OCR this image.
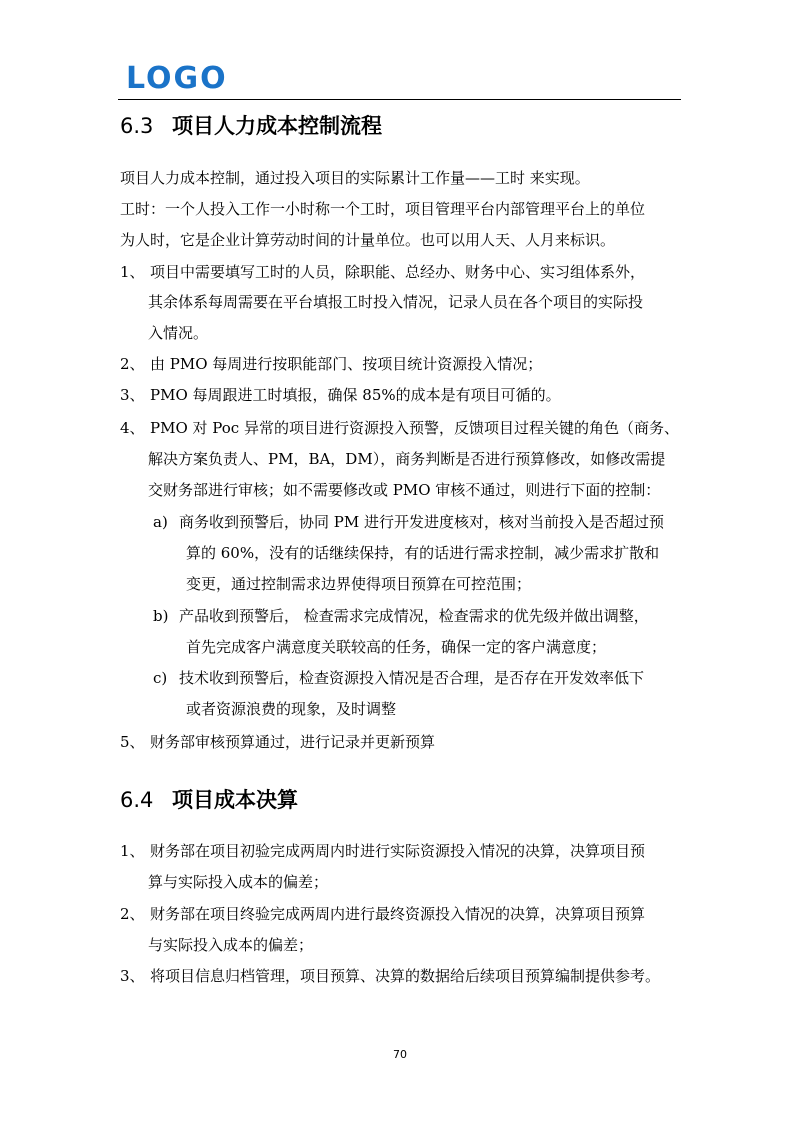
LOGO
6.3 项目人力成本控制流程
项目人力成本控制，通过投入项目的实际累计工作量——工时 来实现。
工时：一个人投入工作一小时称一个工时，项目管理平台内部管理平台上的单位
为人时，它是企业计算劳动时间的计量单位。也可以用人天、人月来标识。
1、 项目中需要填写工时的人员，除职能、总经办、财务中心、实习组体系外，
其余体系每周需要在平台填报工时投入情况，记录人员在各个项目的实际投
入情况。
2、 由 PMO 每周进行按职能部门、按项目统计资源投入情况；
3、 PMO 每周跟进工时填报，确保 85%的成本是有项目可循的。
4、 PMO 对 Poc 异常的项目进行资源投入预警，反馈项目过程关键的角色（商务、
解决方案负责人、PM，BA，DM），商务判断是否进行预算修改，如修改需提
交财务部进行审核；如不需要修改或 PMO 审核不通过，则进行下面的控制：
a) 商务收到预警后，协同 PM 进行开发进度核对，核对当前投入是否超过预
算的 60%，没有的话继续保持，有的话进行需求控制，减少需求扩散和
变更，通过控制需求边界使得项目预算在可控范围；
b) 产品收到预警后， 检查需求完成情况，检查需求的优先级并做出调整，
首先完成客户满意度关联较高的任务，确保一定的客户满意度；
c) 技术收到预警后，检查资源投入情况是否合理，是否存在开发效率低下
或者资源浪费的现象，及时调整
5、 财务部审核预算通过，进行记录并更新预算
6.4 项目成本决算
1、 财务部在项目初验完成两周内时进行实际资源投入情况的决算，决算项目预
算与实际投入成本的偏差；
2、 财务部在项目终验完成两周内进行最终资源投入情况的决算，决算项目预算
与实际投入成本的偏差；
3、 将项目信息归档管理，项目预算、决算的数据给后续项目预算编制提供参考。
70
